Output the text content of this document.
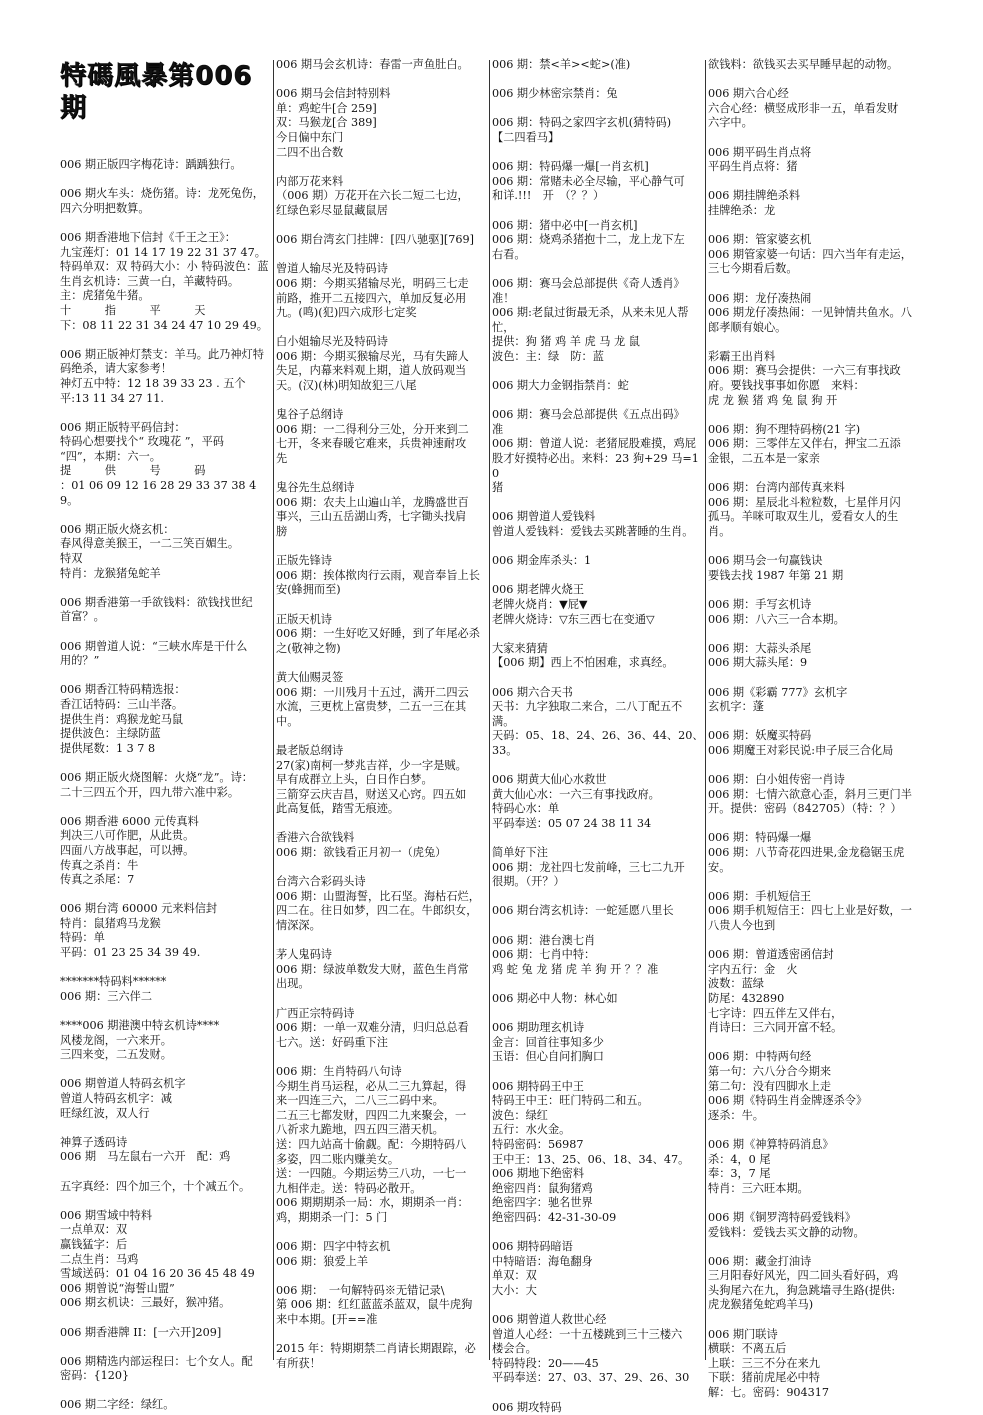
特碼風暴第006期
006 期正版四字梅花诗：踽踽独行。
006 期火车头：烧伤猪。诗：龙死兔伤，
四六分明把数算。
006 期香港地下信封《千王之王》：
九宝莲灯：01 14 17 19 22 31 37 47。
特码单双：双 特码大小：小 特码波色：蓝
生肖玄机诗：三黄一白，羊藏特码。
主：虎猪兔牛猪。
十　　　指　　　平　　　天
下：08 11 22 31 34 24 47 10 29 49。
006 期正版神灯禁支：羊马。此乃神灯特
码绝杀，请大家参考！
神灯五中特：12 18 39 33 23 . 五个
平:13 11 34 27 11.
006 期正版特平码信封：
特码心想要找个“ 玫瑰花 ”，平码
“四”，本期：六一。
提　　　供　　　号　　　码
：01 06 09 12 16 28 29 33 37 38 49。
006 期正版火烧玄机：
春风得意美猴王，一二三笑百媚生。
特双
特肖：龙猴猪兔蛇羊
006 期香港第一手欲钱料：欲钱找世纪
首富？。
006 期曾道人说：“三峡水库是干什么
用的？”
006 期香江特码精选报：
香江话特码：三山半落。
提供生肖：鸡猴龙蛇马鼠
提供波色：主绿防蓝
提供尾数：1 3 7 8
006 期正版火烧图解：火烧“龙”。诗：
二十三四五个开，四九带六准中彩。
006 期香港 6000 元传真料
判决三八可作肥，从此贵。
四面八方战事起，可以搏。
传真之杀肖：牛
传真之杀尾：7
006 期台湾 60000 元来料信封
特肖：鼠猪鸡马龙猴
特码：单
平码：01 23 25 34 39 49.
*******特码料******
006 期：三六伴二
****006 期港澳中特玄机诗****
风楼龙阁，一六来开。
三四来变，二五发财。
006 期曾道人特码玄机字
曾道人特码玄机字：减
旺绿红波，双人行
神算子透码诗
006 期　马左鼠右一六开　配：鸡
五字真经：四个加三个，十个减五个。
006 期雪域中特料
一点单双：双
赢钱猛字：后
二点生肖：马鸡
雪域送码：01 04 16 20 36 45 48 49
006 期曾说“海誓山盟”
006 期玄机诀：三最好，猴冲猪。
006 期香港牌 II：[一六开]209]
006 期精选内部运程曰：七个女人。配
密码：{120}
006 期二字经：绿红。
006 期马会玄机诗：春雷一声鱼肚白。
006 期马会信封特别料
单：鸡蛇牛[合 259]
双：马猴龙[合 389]
今日偏中东门
二四不出合数
内部万花来料
（006 期）万花开在六长二短二七边，
红绿色彩尽显鼠藏鼠居
006 期台湾玄门挂牌：[四八驰驱][769]
曾道人输尽光及特码诗
006 期：今期买猪输尽光，明码三七走
前路，推开二五接四六，单加反复必用
九。(鸣)(犯)四六成形七定奖
白小姐输尽光及特码诗
006 期：今期买猴输尽光，马有失蹄人
失足，内幕来料观上期，道人放码观当
天。(汉)(林)明知故犯三八尾
鬼谷子总纲诗
006 期：一二得利分三处，分开来到二
七开，冬来春暖它难来，兵贵神速耐攻
先
鬼谷先生总纲诗
006 期：农夫上山遍山羊，龙腾盛世百
事兴，三山五岳湖山秀，七字锄头找肩
膀
正版先锋诗
006 期：挨体揿肉行云雨，观音奉旨上长
安(蜂拥而至)
正版天机诗
006 期：一生好吃又好睡，到了年尾必杀
之(敬神之物)
黄大仙赐灵签
006 期：一川残月十五过，满开二四云
水流，三更枕上富贵梦，二五一三在其
中。
最老版总纲诗
27(家)南柯一梦兆吉祥，少一字是贼。
早有成群立上头，白日作白梦。
三箭穿云庆吉昌，财送又心窍。四五如
此高复低，踏雪无痕迹。
香港六合欲钱料
006 期：欲钱看正月初一（虎兔）
台湾六合彩码头诗
006 期：山盟海誓，比石坚。海枯石烂，
四二在。往日如梦，四二在。牛郎织女，
情深深。
茅人鬼码诗
006 期：绿波单数发大财，蓝色生肖常
出现。
广西正宗特码诗
006 期：一单一双难分清，归归总总看
七六。送：好码重下注
006 期：生肖特码八句诗
今期生肖马运程，必从二三九算起，得
来一四连三六，二八三二码中来。
二五三七都发财，四四二九来聚会，一
八祈求九跪地，四五四三潜天机。
送：四九站高十偷觑。配：今期特码八
多姿，四二账内赚美女。
送：一四随。今期运势三八功，一七一
九相伴走。送：特码必散开。
006 期期期杀一局：水，期期杀一肖：
鸡，期期杀一门：5 门
006 期：四字中特玄机
006 期：狼爱上羊
006 期：　一句解特码※无错记录\
第 006 期：红红蓝蓝杀蓝双，鼠牛虎狗
来中本期。[开==准
2015 年：特期期禁二肖请长期跟踪，必
有所获！
006 期：禁<羊><蛇>(准)
006 期少林密宗禁肖：兔
006 期：特码之家四字玄机(猜特码)
【二四看马】
006 期：特码爆一爆[一肖玄机]
006 期：常赌未必全尽输，平心静气可
和详.!!!　开　（？？）
006 期：猪中必中[一肖玄机]
006 期：烧鸡杀猪抱十二，龙上龙下左
右看。
006 期：赛马会总部提供《奇人透肖》
准！
006 期:老鼠过街最无杀，从来未见人帮
忙，
提供：狗 猪 鸡 羊 虎 马 龙 鼠
波色：主：绿　防：蓝
006 期大力金钢指禁肖：蛇
006 期：赛马会总部提供《五点出码》
准
006 期：曾道人说：老猪屁股难摸，鸡屁
股才好摸特必出。来料：23 狗+29 马=10
猪
006 期曾道人爱钱料
曾道人爱钱料：爱钱去买跳著睡的生肖。
006 期金库杀头：1
006 期老牌火烧王
老牌火烧肖：▼屁▼
老牌火烧诗：▽东三西七在变通▽
大家来猜猜
【006 期】西上不怕困难，求真经。
006 期六合天书
天书：九字独取二来合，二八丁配五不
满。
天码：05、18、24、26、36、44、20、
33。
006 期黄大仙心水救世
黄大仙心水：一六三有事找政府。
特码心水：单
平码奉送：05 07 24 38 11 34
简单好下注
006 期：龙社四七发前峰，三七二九开
很期。（开？）
006 期台湾玄机诗：一蛇延愿八里长
006 期：港台澳七肖
006 期：七肖中特：
鸡 蛇 兔 龙 猪 虎 羊 狗 开 ？？准
006 期必中人物：林心如
006 期助理玄机诗
金言：回首往事知多少
玉语：但心自问扪胸口
006 期特码王中王
特码王中王：旺门特码二和五。
波色：绿红
五行：水火金。
特码密码：56987
王中王：13、25、06、18、34、47。
006 期地下绝密料
绝密四肖：鼠狗猪鸡
绝密四字：驰名世界
绝密四码：42-31-30-09
006 期特码暗语
中特暗语：海龟翻身
单双：双
大小：大
006 期曾道人救世心经
曾道人心经：一十五楼跳到三十三楼六
楼会合。
特码特段：20——45
平码奉送：27、03、37、29、26、30
006 期攻特码
欲钱料：欲钱买去买早睡早起的动物。
006 期六合心经
六合心经：横竖成形非一五，单看发财
六字中。
006 期平码生肖点将
平码生肖点将：猪
006 期挂牌绝杀料
挂牌绝杀：龙
006 期：管家婆玄机
006 期管家婆一句话：四六当年有走运，
三七今期看后数。
006 期：龙仔凑热闹
006 期龙仔凑热闹：一见钟情共鱼水。八
郎孝顺有娘心。
彩霸王出肖料
006 期：赛马会提供：一六三有事找政
府。要钱找事事如你愿　来料：
虎 龙 猴 猪 鸡 兔 鼠 狗 开
006 期：狗不理特码榜(21 字)
006 期：三零伴左又伴右，押宝二五添
金银，二五本是一家亲
006 期：台湾内部传真来料
006 期：星辰北斗粒粒数，七星伴月闪
孤马。羊咪可取双生儿，爱看女人的生
肖。
006 期马会一句赢钱诀
要钱去找 1987 年第 21 期
006 期：手写玄机诗
006 期：八六三一合本期。
006 期：大蒜头杀尾
006 期大蒜头尾：9
006 期《彩霸 777》玄机字
玄机字：蓬
006 期：妖魔买特码
006 期魔王对彩民说:申子辰三合化局
006 期：白小姐传密一肖诗
006 期：七情六欲意心歪，斜月三更门半
开。提供：密码（842705）（特：？）
006 期：特码爆一爆
006 期：八节奇花四进果,金龙稳锯玉虎
安。
006 期：手机短信王
006 期手机短信王：四七上业是好数，一
八贵人今也到
006 期：曾道透密函信封
字内五行：金　火
波数：蓝绿
防尾：432890
七字诗：四五伴左又伴右，
肖诗曰：三六同开富不轻。
006 期：中特两句经
第一句：六八分合今期来
第二句：没有四脚水上走
006 期《特码生肖金牌逐杀令》
逐杀：牛。
006 期《神算特码消息》
杀：4，0 尾
奉：3，7 尾
特肖：三六旺本期。
006 期《铜罗湾特码爱钱料》
爱钱料：爱钱去买文静的动物。
006 期：藏金打油诗
三月阳春好风光，四二回头看好码，鸡
头狗尾六在九，狗急跳墙寻生路(提供:
虎龙猴猪兔蛇鸡羊马)
006 期门联诗
横联：不离五后
上联：三三不分在来九
下联：猪前虎尾必中特
解：七。密码：904317
